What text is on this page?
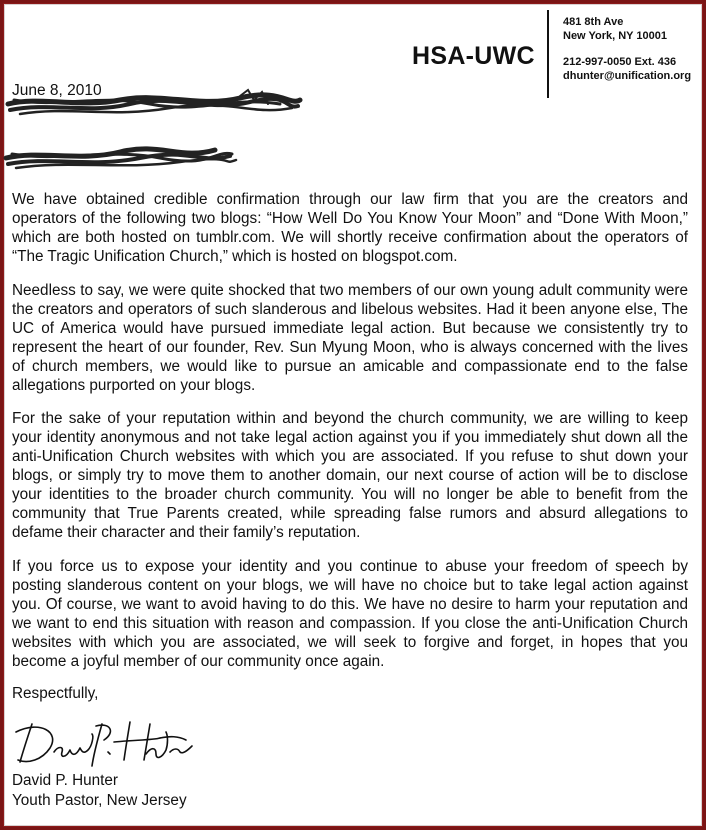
HSA-UWC
481 8th Ave
New York, NY 10001
212-997-0050 Ext. 436
dhunter@unification.org
June 8, 2010
We have obtained credible confirmation through our law firm that you are the creators and operators of the following two blogs: “How Well Do You Know Your Moon” and “Done With Moon,” which are both hosted on tumblr.com. We will shortly receive confirmation about the operators of “The Tragic Unification Church,” which is hosted on blogspot.com.
Needless to say, we were quite shocked that two members of our own young adult community were the creators and operators of such slanderous and libelous websites. Had it been anyone else, The UC of America would have pursued immediate legal action. But because we consistently try to represent the heart of our founder, Rev. Sun Myung Moon, who is always concerned with the lives of church members, we would like to pursue an amicable and compassionate end to the false allegations purported on your blogs.
For the sake of your reputation within and beyond the church community, we are willing to keep your identity anonymous and not take legal action against you if you immediately shut down all the anti-Unification Church websites with which you are associated. If you refuse to shut down your blogs, or simply try to move them to another domain, our next course of action will be to disclose your identities to the broader church community. You will no longer be able to benefit from the community that True Parents created, while spreading false rumors and absurd allegations to defame their character and their family’s reputation.
If you force us to expose your identity and you continue to abuse your freedom of speech by posting slanderous content on your blogs, we will have no choice but to take legal action against you. Of course, we want to avoid having to do this. We have no desire to harm your reputation and we want to end this situation with reason and compassion. If you close the anti-Unification Church websites with which you are associated, we will seek to forgive and forget, in hopes that you become a joyful member of our community once again.
Respectfully,
David P. Hunter
Youth Pastor, New Jersey
